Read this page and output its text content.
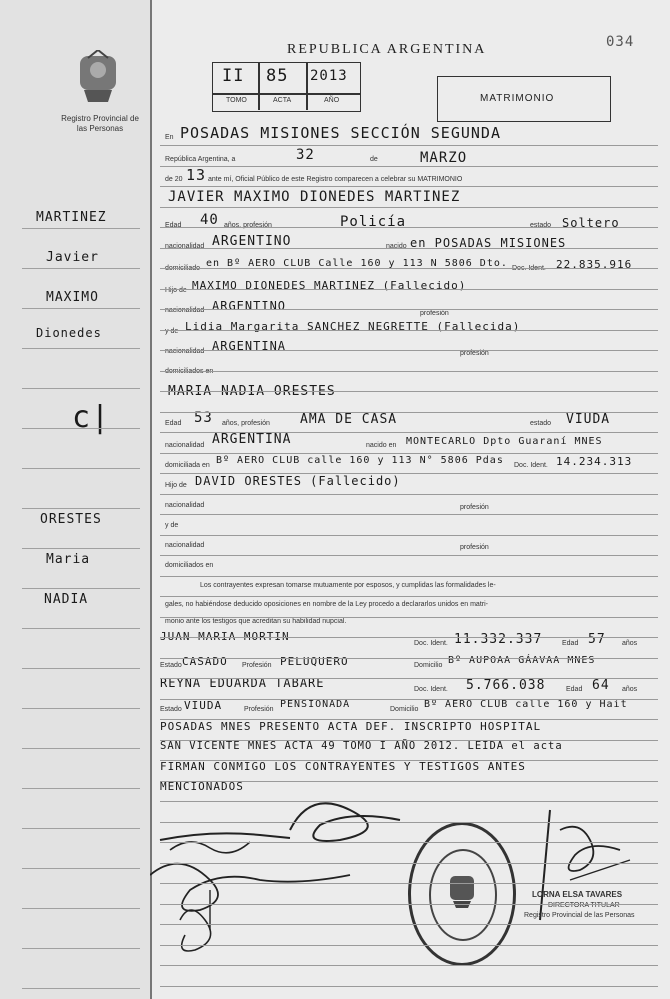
Registro Provincial de las Personas
REPUBLICA ARGENTINA	034
II 85 2013
TOMO	ACTA	AÑO	MATRIMONIO
MARTINEZ
Javier
MAXIMO
Dionedes
c|
ORESTES
Maria
NADIA
En POSADAS MISIONES SECCIÓN SEGUNDA
República Argentina, a	32	de	MARZO
de 20 13 ante mí, Oficial Público de este Registro comparecen a celebrar su MATRIMONIO
JAVIER MAXIMO DIONEDES MARTINEZ
Edad 40 años, profesión	Policía	estado Soltero
nacionalidad ARGENTINO	nacido en POSADAS MISIONES
domiciliado en Bº AERO CLUB Calle 160 y 113 N 5806 Dto. Doc. Ident. 22.835.916
Hijo de MAXIMO DIONEDES MARTINEZ (Fallecido)
nacionalidad ARGENTINO
profesión
y de Lidia Margarita SANCHEZ NEGRETTE (Fallecida)
nacionalidad ARGENTINA
profesión
domiciliados en
MARIA NADIA ORESTES
Edad 53 años, profesión AMA DE CASA	estado VIUDA
nacionalidad ARGENTINA	nacido en MONTECARLO Dpto Guaraní MNES
domiciliada en Bº AERO CLUB calle 160 y 113 N° 5806 Pdas Doc. Ident. 14.234.313
Hijo de DAVID ORESTES (Fallecido)
nacionalidad	profesión
y de
nacionalidad	profesión
domiciliados en
Los contrayentes expresan tomarse mutuamente por esposos, y cumplidas las formalidades le-
gales, no habiéndose deducido oposiciones en nombre de la Ley procedo a declararlos unidos en matri-
monio ante los testigos que acreditan su habilidad nupcial.
JUAN MARIA MORTIN
Doc. Ident. 11.332.337	Edad 57 años
Estado CASADO Profesión PELUQUERO	Domicilio Bº AUPOAA GÁAVAA MNES
REYNA EDUARDA TABARE	Doc. Ident. 5.766.038	Edad 64 años
Estado VIUDA	Profesión PENSIONADA	Domicilio Bº AERO CLUB calle 160 y Hait
POSADAS MNES PRESENTO ACTA DEF. INSCRIPTO HOSPITAL
SAN VICENTE MNES ACTA 49 TOMO I AÑO 2012. LEIDA el acta
FIRMAN CONMIGO LOS CONTRAYENTES Y TESTIGOS ANTES
MENCIONADOS
LORNA ELSA TAVARES
DIRECTORA TITULAR
Registro Provincial de las Personas
